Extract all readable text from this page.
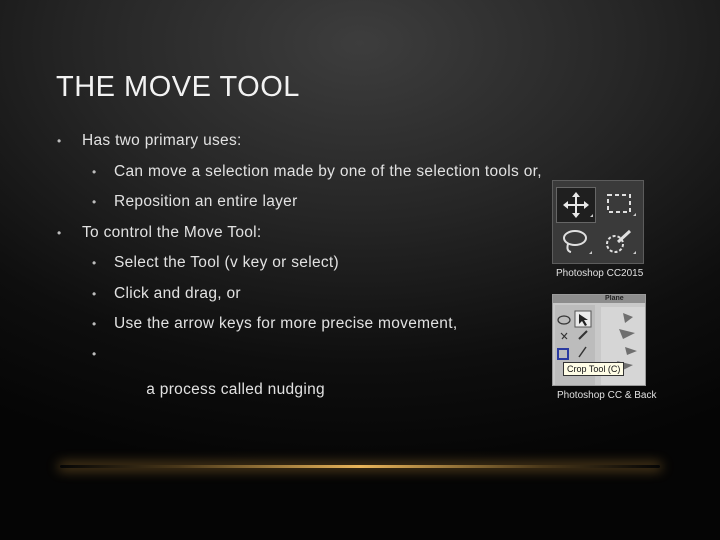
THE MOVE TOOL
• Has two primary uses:
• Can move a selection made by one of the selection tools or,
• Reposition an entire layer
• To control the Move Tool:
• Select the Tool (v key or select)
• Click and drag, or
• Use the arrow keys for more precise movement,

•

a process called nudging

Photoshop CC2015
Plane
Crop Tool (C)
Photoshop CC & Back
